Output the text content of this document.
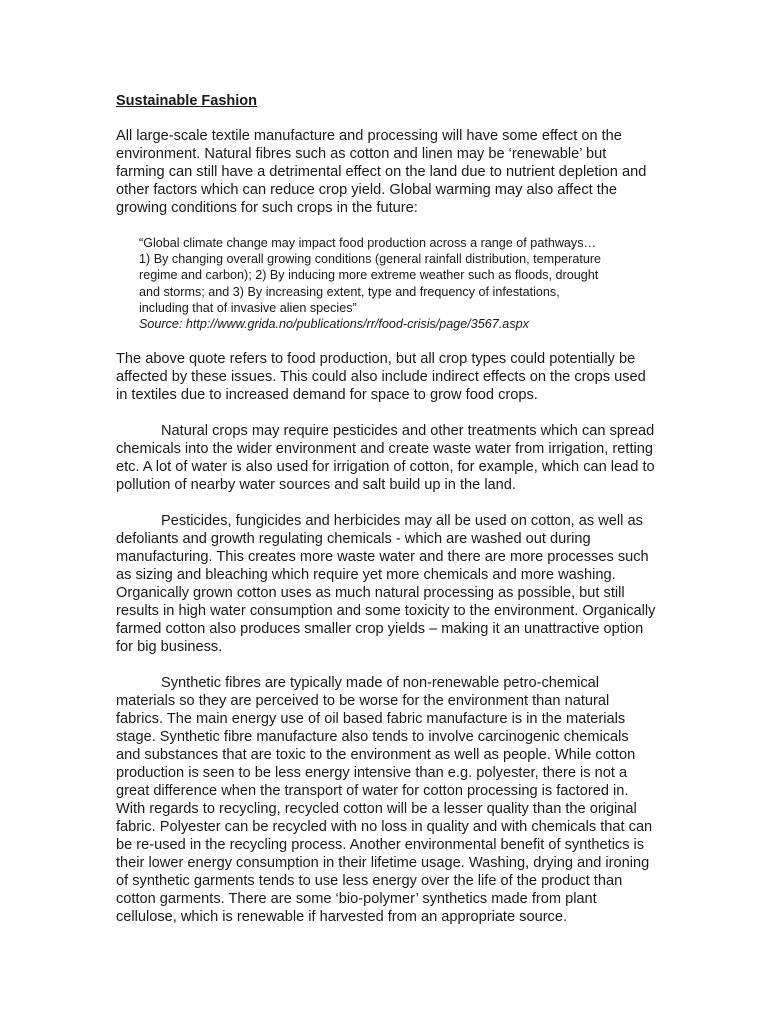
Sustainable Fashion

All large-scale textile manufacture and processing will have some effect on the environment. Natural fibres such as cotton and linen may be ‘renewable’ but farming can still have a detrimental effect on the land due to nutrient depletion and other factors which can reduce crop yield. Global warming may also affect the growing conditions for such crops in the future:

“Global climate change may impact food production across a range of pathways… 1) By changing overall growing conditions (general rainfall distribution, temperature regime and carbon); 2) By inducing more extreme weather such as floods, drought and storms; and 3) By increasing extent, type and frequency of infestations, including that of invasive alien species”
Source: http://www.grida.no/publications/rr/food-crisis/page/3567.aspx

The above quote refers to food production, but all crop types could potentially be affected by these issues. This could also include indirect effects on the crops used in textiles due to increased demand for space to grow food crops.

Natural crops may require pesticides and other treatments which can spread chemicals into the wider environment and create waste water from irrigation, retting etc. A lot of water is also used for irrigation of cotton, for example, which can lead to pollution of nearby water sources and salt build up in the land.

Pesticides, fungicides and herbicides may all be used on cotton, as well as defoliants and growth regulating chemicals - which are washed out during manufacturing. This creates more waste water and there are more processes such as sizing and bleaching which require yet more chemicals and more washing. Organically grown cotton uses as much natural processing as possible, but still results in high water consumption and some toxicity to the environment. Organically farmed cotton also produces smaller crop yields – making it an unattractive option for big business.

Synthetic fibres are typically made of non-renewable petro-chemical materials so they are perceived to be worse for the environment than natural fabrics. The main energy use of oil based fabric manufacture is in the materials stage. Synthetic fibre manufacture also tends to involve carcinogenic chemicals and substances that are toxic to the environment as well as people. While cotton production is seen to be less energy intensive than e.g. polyester, there is not a great difference when the transport of water for cotton processing is factored in. With regards to recycling, recycled cotton will be a lesser quality than the original fabric. Polyester can be recycled with no loss in quality and with chemicals that can be re-used in the recycling process. Another environmental benefit of synthetics is their lower energy consumption in their lifetime usage. Washing, drying and ironing of synthetic garments tends to use less energy over the life of the product than cotton garments. There are some ‘bio-polymer’ synthetics made from plant cellulose, which is renewable if harvested from an appropriate source.
